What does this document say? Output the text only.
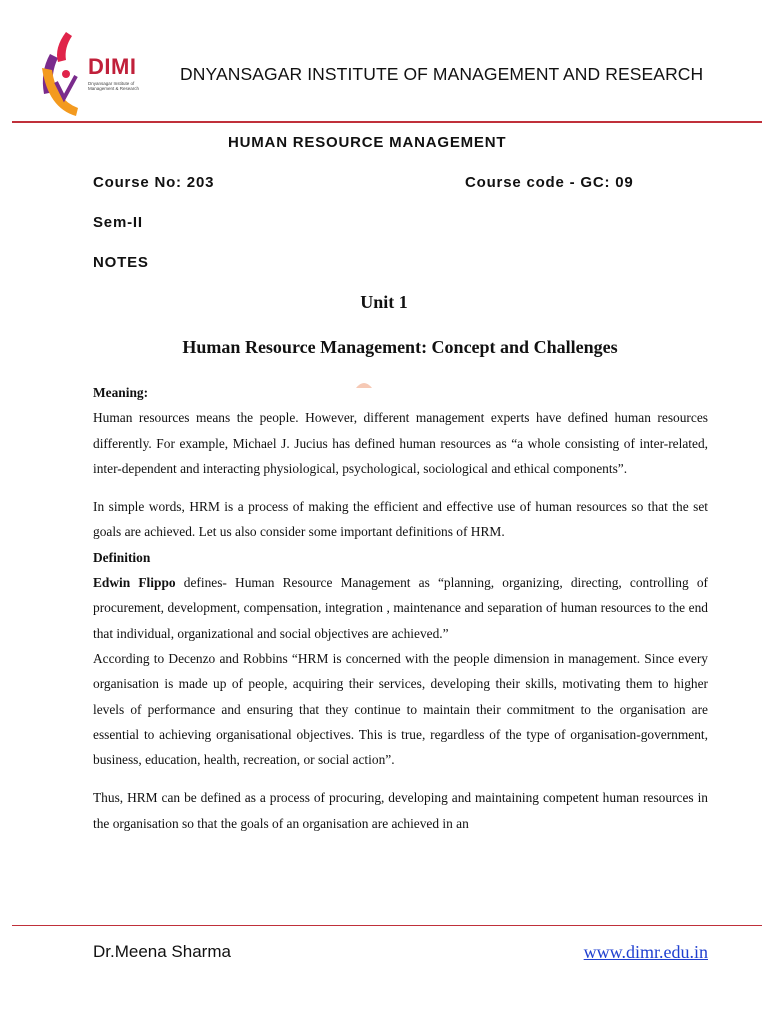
DIMI
Dnyansagar Institute of Management & Research
DNYANSAGAR INSTITUTE OF MANAGEMENT AND RESEARCH
HUMAN RESOURCE MANAGEMENT
Course No: 203	Course code - GC: 09
Sem-II
NOTES
Unit 1
Human Resource Management: Concept and Challenges

Meaning:

Human resources means the people. However, different management experts have defined human resources differently. For example, Michael J. Jucius has defined human resources as “a whole consisting of inter-related, inter-dependent and interacting physiological, psychological, sociological and ethical components”.

In simple words, HRM is a process of making the efficient and effective use of human resources so that the set goals are achieved. Let us also consider some important definitions of HRM.

Definition

Edwin Flippo defines- Human Resource Management as “planning, organizing, directing, controlling of procurement, development, compensation, integration , maintenance and separation of human resources to the end that individual, organizational and social objectives are achieved.”

According to Decenzo and Robbins “HRM is concerned with the people dimension in management. Since every organisation is made up of people, acquiring their services, developing their skills, motivating them to higher levels of performance and ensuring that they continue to maintain their commitment to the organisation are essential to achieving organisational objectives. This is true, regardless of the type of organisation-government, business, education, health, recreation, or social action”.

Thus, HRM can be defined as a process of procuring, developing and maintaining competent human resources in the organisation so that the goals of an organisation are achieved in an

Dr.Meena Sharma	www.dimr.edu.in
